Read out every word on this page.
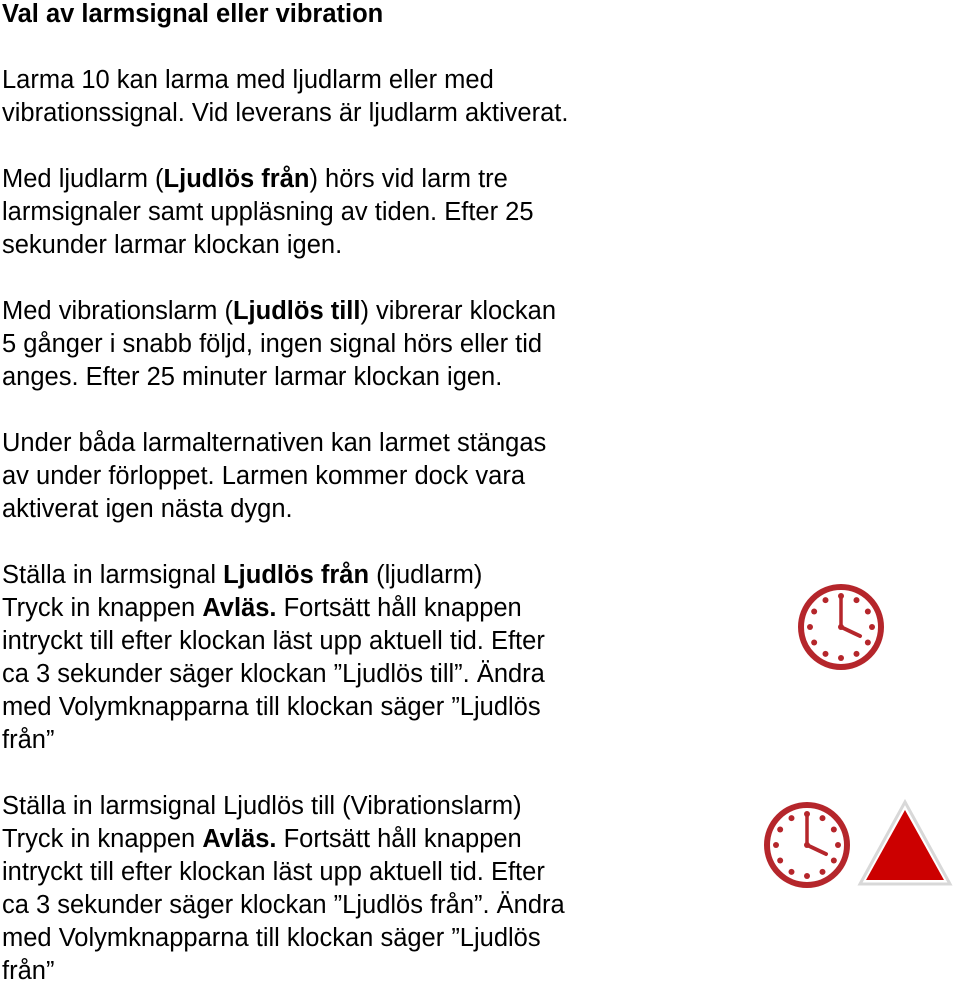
Val av larmsignal eller vibration
Larma 10 kan larma med ljudlarm eller med
vibrationssignal. Vid leverans är ljudlarm aktiverat.
Med ljudlarm (Ljudlös från) hörs vid larm tre
larmsignaler samt uppläsning av tiden. Efter 25
sekunder larmar klockan igen.
Med vibrationslarm (Ljudlös till) vibrerar klockan
5 gånger i snabb följd, ingen signal hörs eller tid
anges. Efter 25 minuter larmar klockan igen.
Under båda larmalternativen kan larmet stängas
av under förloppet. Larmen kommer dock vara
aktiverat igen nästa dygn.
Ställa in larmsignal Ljudlös från (ljudlarm)
Tryck in knappen Avläs. Fortsätt håll knappen
intryckt till efter klockan läst upp aktuell tid. Efter
ca 3 sekunder säger klockan ”Ljudlös till”. Ändra
med Volymknapparna till klockan säger ”Ljudlös
från”
Ställa in larmsignal Ljudlös till (Vibrationslarm)
Tryck in knappen Avläs. Fortsätt håll knappen
intryckt till efter klockan läst upp aktuell tid. Efter
ca 3 sekunder säger klockan ”Ljudlös från”. Ändra
med Volymknapparna till klockan säger ”Ljudlös
från”
